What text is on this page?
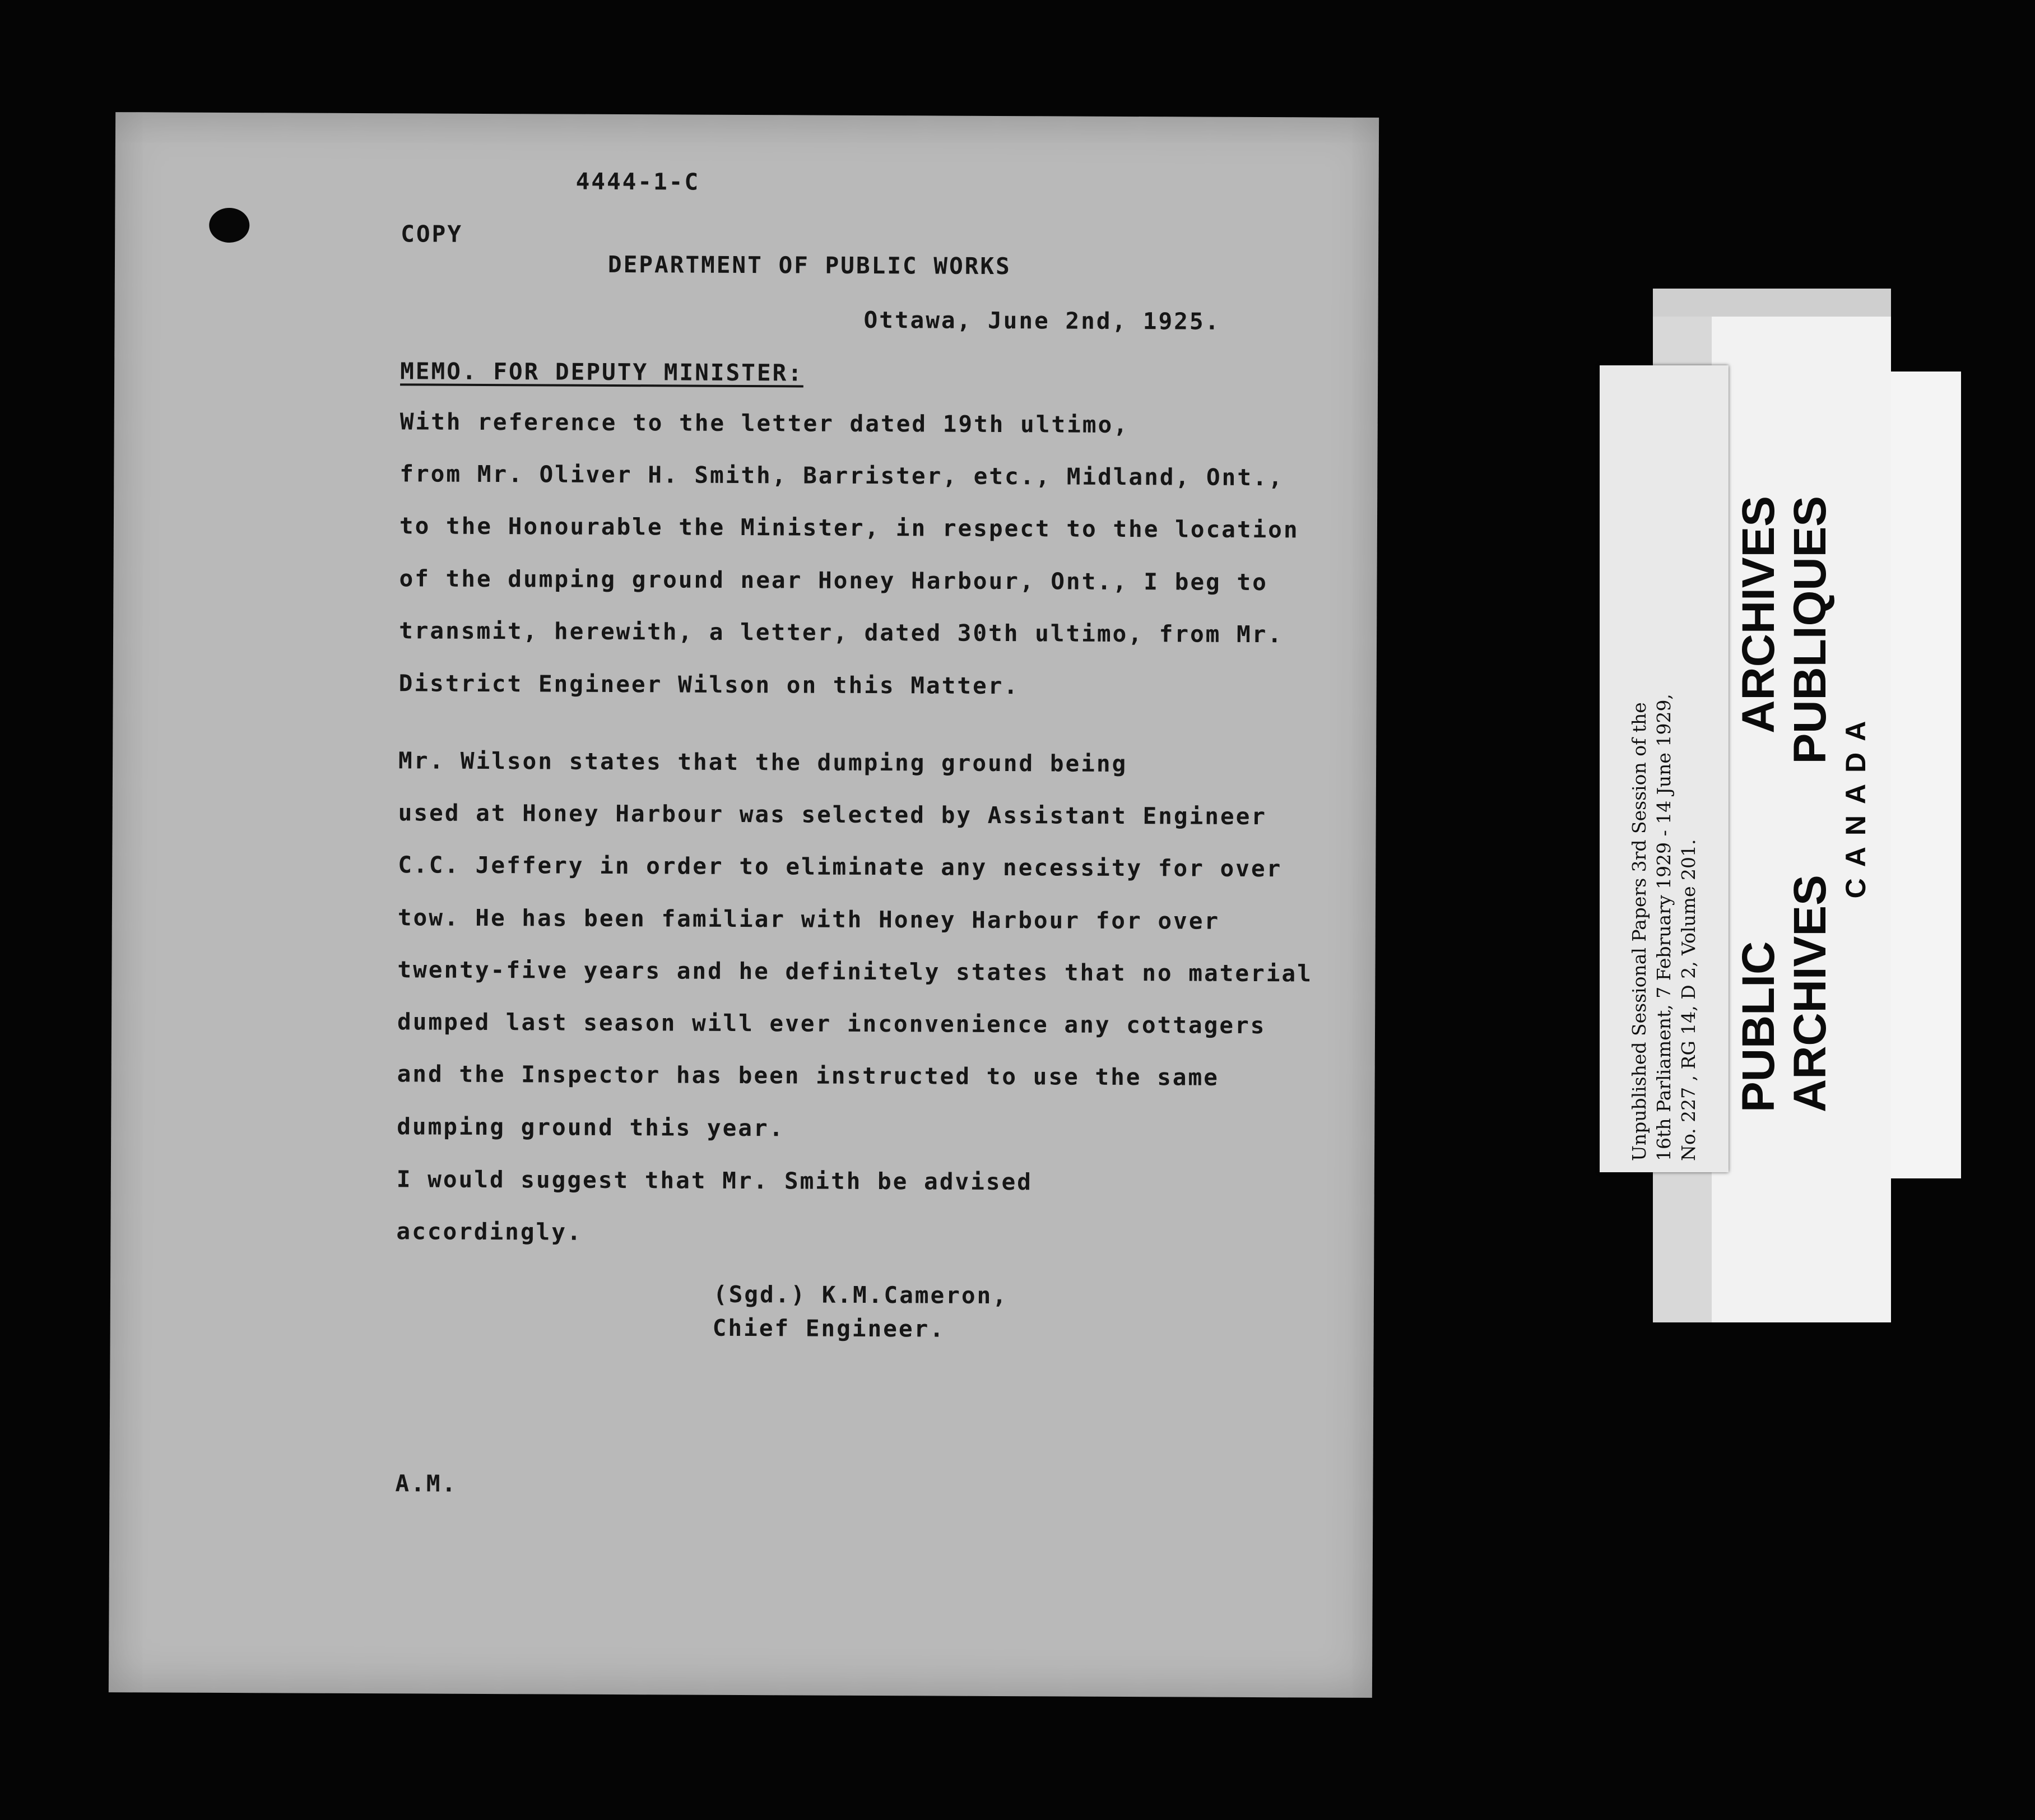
4444-1-C

COPY

DEPARTMENT OF PUBLIC WORKS

Ottawa, June 2nd, 1925.

MEMO. FOR DEPUTY MINISTER:

With reference to the letter dated 19th ultimo,

from Mr. Oliver H. Smith, Barrister, etc., Midland, Ont.,

to the Honourable the Minister, in respect to the location

of the dumping ground near Honey Harbour, Ont., I beg to

transmit, herewith, a letter, dated 30th ultimo, from Mr.

District Engineer Wilson on this Matter.

Mr. Wilson states that the dumping ground being

used at Honey Harbour was selected by Assistant Engineer

C.C. Jeffery in order to eliminate any necessity for over

tow. He has been familiar with Honey Harbour for over

twenty-five years and he definitely states that no material

dumped last season will ever inconvenience any cottagers

and the Inspector has been instructed to use the same

dumping ground this year.

I would suggest that Mr. Smith be advised

accordingly.

(Sgd.) K.M.Cameron,

Chief Engineer.

A.M.

Unpublished Sessional Papers 3rd Session of the 16th Parliament, 7 February 1929 - 14 June 1929, No. 227 , RG 14, D 2, Volume 201. PUBLIC
ARCHIVES
ARCHIVES
PUBLIQUES
CANADA
